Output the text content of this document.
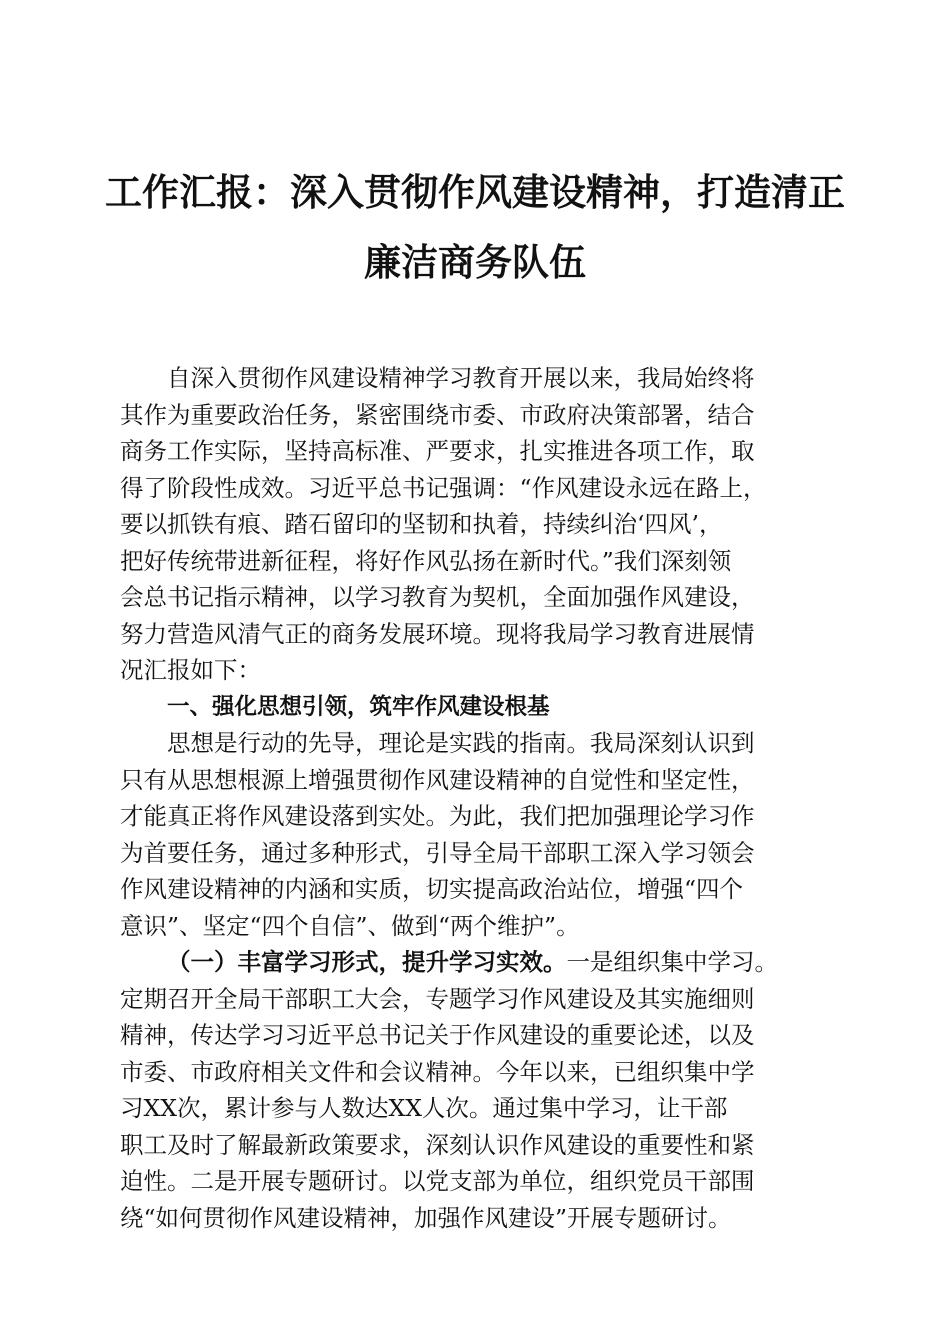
工作汇报：深入贯彻作风建设精神，打造清正
廉洁商务队伍
自深入贯彻作风建设精神学习教育开展以来，我局始终将
其作为重要政治任务，紧密围绕市委、市政府决策部署，结合
商务工作实际，坚持高标准、严要求，扎实推进各项工作，取
得了阶段性成效。习近平总书记强调：“作风建设永远在路上，
要以抓铁有痕、踏石留印的坚韧和执着，持续纠治‘四风’，
把好传统带进新征程，将好作风弘扬在新时代。”我们深刻领
会总书记指示精神，以学习教育为契机，全面加强作风建设，
努力营造风清气正的商务发展环境。现将我局学习教育进展情
况汇报如下：
一、强化思想引领，筑牢作风建设根基
思想是行动的先导，理论是实践的指南。我局深刻认识到
只有从思想根源上增强贯彻作风建设精神的自觉性和坚定性，
才能真正将作风建设落到实处。为此，我们把加强理论学习作
为首要任务，通过多种形式，引导全局干部职工深入学习领会
作风建设精神的内涵和实质，切实提高政治站位，增强“四个
意识”、坚定“四个自信”、做到“两个维护”。
（一）丰富学习形式，提升学习实效。一是组织集中学习。
定期召开全局干部职工大会，专题学习作风建设及其实施细则
精神，传达学习习近平总书记关于作风建设的重要论述，以及
市委、市政府相关文件和会议精神。今年以来，已组织集中学
习XX次，累计参与人数达XX人次。通过集中学习，让干部
职工及时了解最新政策要求，深刻认识作风建设的重要性和紧
迫性。二是开展专题研讨。以党支部为单位，组织党员干部围
绕“如何贯彻作风建设精神，加强作风建设”开展专题研讨。
